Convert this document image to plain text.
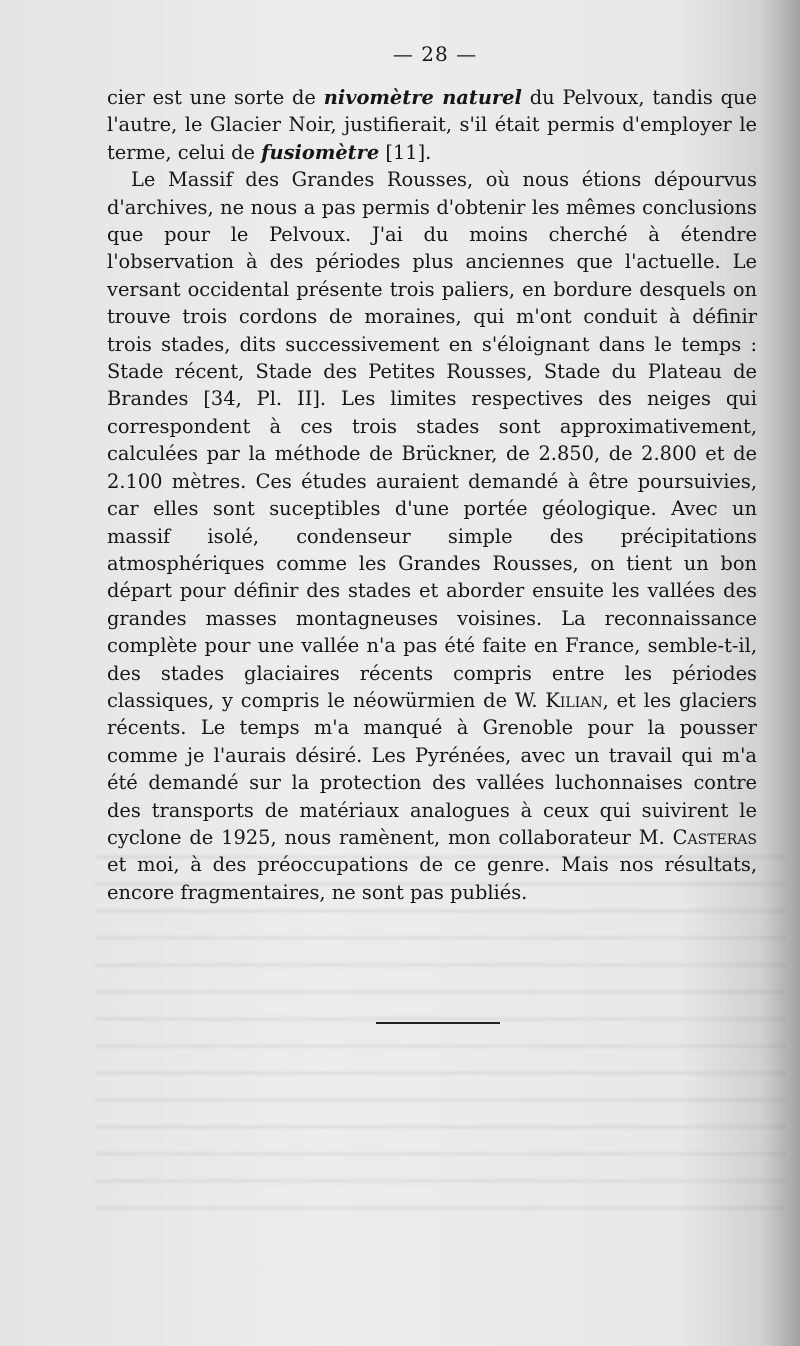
— 28 —

cier est une sorte de nivomètre naturel du Pelvoux, tandis que l'autre, le Glacier Noir, justifierait, s'il était permis d'employer le terme, celui de fusiomètre [11].

Le Massif des Grandes Rousses, où nous étions dépourvus d'archives, ne nous a pas permis d'obtenir les mêmes conclusions que pour le Pelvoux. J'ai du moins cherché à étendre l'observation à des périodes plus anciennes que l'actuelle. Le versant occidental présente trois paliers, en bordure desquels on trouve trois cordons de moraines, qui m'ont conduit à définir trois stades, dits successivement en s'éloignant dans le temps : Stade récent, Stade des Petites Rousses, Stade du Plateau de Brandes [34, Pl. II]. Les limites respectives des neiges qui correspondent à ces trois stades sont approximativement, calculées par la méthode de Brückner, de 2.850, de 2.800 et de 2.100 mètres. Ces études auraient demandé à être poursuivies, car elles sont suceptibles d'une portée géologique. Avec un massif isolé, condenseur simple des précipitations atmosphériques comme les Grandes Rousses, on tient un bon départ pour définir des stades et aborder ensuite les vallées des grandes masses montagneuses voisines. La reconnaissance complète pour une vallée n'a pas été faite en France, semble-t-il, des stades glaciaires récents compris entre les périodes classiques, y compris le néowürmien de W. Kilian, et les glaciers récents. Le temps m'a manqué à Grenoble pour la pousser comme je l'aurais désiré. Les Pyrénées, avec un travail qui m'a été demandé sur la protection des vallées luchonnaises contre des transports de matériaux analogues à ceux qui suivirent le cyclone de 1925, nous ramènent, mon collaborateur M. Casteras et moi, à des préoccupations de ce genre. Mais nos résultats, encore fragmentaires, ne sont pas publiés.
